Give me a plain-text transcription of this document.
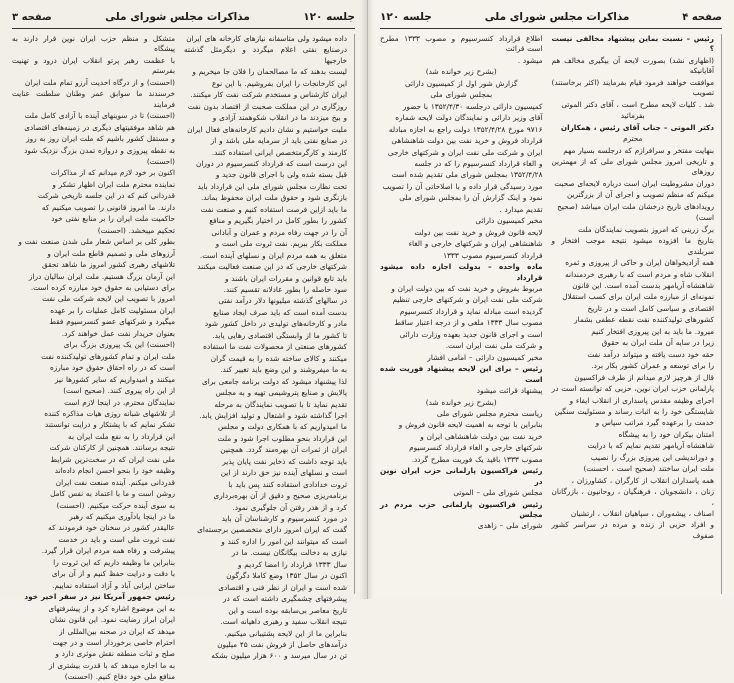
جلسه ۱۲۰
مذاکرات مجلس شورای ملی
صفحه ۳

داده میشود ولی متاسفانه نیازهای کارخانه های ایران

درصنایع نفتی اعلام میگردد و دیگرمثل گذشته خارجیها

لیست بدهند که ما مصالحمان را فلان جا میخریم و

این کارخانجات را ایران بفروشیم. با این نوع

ایران کارشناس و مستخدم شرکت نفت کار میکنند.

روزگاری در این مملکت صحبت از اقتصاد بدون نفت

و بیخ میزدند ما در انقلاب شکوهمند آزادی و

ملیت خواستیم و نشان دادیم کارخانه‌های فعال ایران

در صنایع نفتی باید از سرمایه ملی باشد و از

کارمند و کارگرمتخصص ایرانی استفاده کنند.

این درست است که قرارداد کنسرسیوم در دوران

قبل بسته شده ولی با اجرای قانون جدید و

تحت نظارت مجلس شورای ملی این قرارداد باید

بازنگری شود و حقوق ملت ایران محفوظ بماند.

ما باید ازاین فرصت استفاده کنیم و صنعت نفت

کشور را بطور کامل در اختیار بگیریم و منافع

آن را در جهت رفاه مردم و عمران و آبادانی

مملکت بکار ببریم. نفت ثروت ملی است و

متعلق به همه مردم ایران و نسلهای آینده است.

شرکتهای خارجی که در این صنعت فعالیت میکنند

باید تابع قوانین و مقررات ایران باشند و

سود حاصله را بطور عادلانه تقسیم کنند.

در سالهای گذشته میلیونها دلار درآمد نفتی

بدست آمده است که باید صرف ایجاد صنایع

مادر و کارخانه‌های تولیدی در داخل کشور شود

تا کشور ما از وابستگی اقتصادی رهایی یابد.

کشورهای صنعتی از محصولات نفت ما استفاده

میکنند و کالای ساخته شده را به قیمت گران

به ما میفروشند و این وضع باید تغییر کند.

لذا پیشنهاد میشود که دولت برنامه جامعی برای

پالایش و صنایع پتروشیمی تهیه و به مجلس

تقدیم نماید تا با تصویب نمایندگان به مرحله

اجرا گذاشته شود و اشتغال و تولید افزایش یابد.

ما امیدواریم که با همکاری دولت و مجلس

این قرارداد بنحو مطلوب اجرا شود و ملت

ایران از ثمرات آن بهره‌مند گردد. همچنین

باید توجه داشت که ذخایر نفت پایان پذیر

است و نسلهای آینده نیز حق دارند از این

ثروت خدادادی استفاده کنند پس باید با

برنامه‌ریزی صحیح و دقیق از آن بهره‌برداری

کرد و از هدر رفتن آن جلوگیری نمود.

در مورد کنسرسیوم و کارشناسان آن باید

گفت که ایران امروز دارای متخصصین برجسته‌ای

است که میتوانند این امور را اداره کنند و

نیازی به دخالت بیگانگان نیست. ما در

سال ۱۳۳۳ قرارداد را امضا کردیم و

اکنون در سال ۱۳۵۲ وضع کاملا دگرگون

شده است و ایران از نظر فنی و اقتصادی

پیشرفتهای چشمگیری داشته است که در

تاریخ معاصر بی‌سابقه بوده است و این

نتیجه انقلاب سفید و رهبری داهیانه است.

بنابراین ما از این لایحه پشتیبانی میکنیم.

درآمدهای حاصل از فروش نفت ۴۵ میلیون

تن در سال میرسد و ۶۰۰ هزار میلیون بشکه

متشکل و منظم حزب ایران نوین قرار دارند به پیشگاه

با عظمت رهبر پرتو انقلاب ایران درود و تهنیت بفرستم

(احسنت) و از درگاه احدیت آرزو تمام ملت ایران

خرسندند ما سوابق عمر وطنان سلطنت عنایت فرمایند

(احسنت) تا در سوینهای آینده با آزادی کامل ملت

هم شاهد موفقیتهای دیگری در زمینه‌های اقتصادی

و مستقل کشور باشیم که ملت ایران روز به روز

به نقطه پیروزی و دروازه تمدن بزرگ نزدیک شود

(احسنت)

اکنون بر خود لازم میدانم که از مذاکرات

نماینده محترم ملت ایران اظهار تشکر و

قدردانی کنم که در این جلسه تاریخی شرکت

دارند. ما امروز قانونی را تصویب میکنیم که

حاکمیت ملت ایران را بر منابع نفتی خود

تحکیم میبخشد. (احسنت)

بطور کلی بر اساس شعار ملی شدن صنعت نفت و

آرزوهای ملی و تصمیم قاطع ملت ایران و

تلاشهای رهبری کشور امروز ما شاهد تحقق

این آرمان بزرگ هستیم. ملت ایران سالیان دراز

برای دستیابی به حقوق خود مبارزه کرده است.

امروز با تصویب این لایحه شرکت ملی نفت

ایران مسئولیت کامل عملیات را بر عهده

میگیرد و شرکتهای عضو کنسرسیوم فقط

بعنوان خریدار نفت عمل خواهند کرد.

(احسنت) این یک پیروزی بزرگ برای

ملت ایران و تمام کشورهای تولیدکننده نفت

است که در راه احقاق حقوق خود مبارزه

میکنند و امیدواریم که سایر کشورها نیز

از این راه پیروی کنند. (صحیح است)

نمایندگان محترم، در اینجا لازم است

از تلاشهای شبانه روزی هیات مذاکره کننده

تشکر نمایم که با پشتکار و درایت توانستند

این قرارداد را به نفع ملت ایران به

نتیجه برسانند. همچنین از کارکنان شرکت

ملی نفت ایران که در سخت‌ترین شرایط

وظیفه خود را بنحو احسن انجام داده‌اند

قدردانی میکنم. آینده صنعت نفت ایران

روشن است و ما با اعتماد به نفس کامل

به سوی آینده حرکت میکنیم. (احسنت)

ما در اینجا یادآوری میکنیم که رهبر

عالیقدر کشور در سخنان خود فرمودند که

نفت ثروت ملی است و باید در خدمت

پیشرفت و رفاه همه مردم ایران قرار گیرد.

بنابراین ما وظیفه داریم که این ثروت را

با دقت و درایت حفظ کنیم و از آن برای

ساختن ایرانی آباد و آزاد استفاده نماییم.

رئیس جمهور آمریکا نیز در سفر اخیر خود

به این موضوع اشاره کرد و از پیشرفتهای

ایران ابراز رضایت نمود. این قانون نشان

میدهد که ایران در صحنه بین‌المللی از

احترام خاصی برخوردار است و در جهت

صلح و ثبات منطقه نقش موثری دارد و

به ما اجازه میدهد که با قدرت بیشتری از

منافع ملی خود دفاع کنیم. (احسنت)

صفحه ۴
مذاکرات مجلس شورای ملی
جلسه ۱۲۰

رئیس – نسبت بماین پیشنهاد مخالفی نیست ؟

(اظهاری نشد) بصورت لایحه آن بیگیری مخالف هم آقایانیکه

موافقت خواهند فرمود قیام بفرمایند (اکثر برخاستند) تصویب

شد . کلیات لایحه مطرح است ، آقای دکتر الموتی

بفرمائید

دکتر الموتی – جناب آقای رئیس ، همکاران

محترم

بنهایت مفتخر و سرافرازم که درجلسه بسیار مهم

و تاریخی امروز مجلس شورای ملی که از مهمترین روزهای

دوران مشروطیت ایران است درباره لایحه‌ای صحبت

میکنم که منظم تصویب و اجرای آن از بزرگترین

رویدادهای تاریخ درخشان ملت ایران میباشد (صحیح

است)

برگ زرینی که امروز بتصویب نمایندگان ملت

بتاریخ ما افزوده میشود نتیجه موجب افتخار و سربلندی

همه آزادیخواهان ایران و حاکی از پیروزی و ثمره

انقلاب شاه و مردم است که با رهبری خردمندانه

شاهنشاه آریامهر بدست آمده است. این قانون

نمونه‌ای از مبارزه ملت ایران برای کسب استقلال

اقتصادی و سیاسی کامل است و در تاریخ

کشورهای تولیدکننده نفت نقطه عطفی بشمار

میرود. ما باید به این پیروزی افتخار کنیم

زیرا در سایه آن ملت ایران به حقوق

حقه خود دست یافته و میتواند درآمد نفت

را برای توسعه و عمران کشور بکار برد.

قال از هرچیز لازم میدانم از طرف فراکسیون

پارلمانی حزب ایران نوین، حزبی که توانسته است در

اجرای وظیفه مقدس پاسداری از انقلاب ایفاء و

شایستگی خود را به اثبات رساند و مسئولیت سنگین

خدمت را برعهده گیرد مراتب سپاس و

امتنان بیکران خود را به پیشگاه

شاهنشاه آریامهر تقدیم نمایم که با درایت

و دوراندیشی این پیروزی بزرگ را نصیب

ملت ایران ساختند (صحیح است ، احسنت)

همه پاسداران انقلاب از کارگران ، کشاورزان ،

زنان ، دانشجویان ، فرهنگیان ، روحانیون ، بازرگانان ،

اصناف ، پیشه‌وران ، سپاهیان انقلاب ، ارتشیان

و افراد حزبی از زنده و مرده در سراسر کشور صفوف

اطلاع قرارداد کنسرسیوم و مصوب ۱۳۳۳ مطرح است قرائت

میشود .

(بشرح زیر خوانده شد)

گزارش شور اول از کمیسیون دارائی

بمجلس شورای ملی

کمیسیون دارائی درجلسه ۱۳۵۲/۴/۳۰ با حضور

آقای وزیر دارائی و نمایندگان دولت لایحه شماره

۹۷۱۶ مورخ ۱۳۵۲/۴/۲۸ دولت راجع به اجازه مبادله

قرارداد فروش و خرید نفت بین دولت شاهنشاهی

ایران و شرکت ملی نفت ایران و شرکتهای خارجی

و الغاء قرارداد کنسرسیوم را که در جلسه

۱۳۵۲/۴/۲۸ بمجلس شورای ملی تقدیم شده است

مورد رسیدگی قرار داده و با اصلاحاتی آن را تصویب

نمود و اینک گزارش آن را بمجلس شورای ملی

تقدیم میدارد .

مخبر کمیسیون دارائی

لایحه قانون فروش و خرید نفت بین دولت

شاهنشاهی ایران و شرکتهای خارجی و الغاء

قرارداد کنسرسیوم مصوب ۱۳۳۳

ماده واحده – بدولت اجازه داده میشود قرارداد

مربوط بفروش و خرید نفت که بین دولت ایران و

شرکت ملی نفت ایران و شرکتهای خارجی تنظیم

گردیده است مبادله نماید و قرارداد کنسرسیوم

مصوب سال ۱۳۳۳ ملغی و از درجه اعتبار ساقط

است و اجرای قانون جدید بعهده وزارت دارائی

و شرکت ملی نفت ایران است.

مخبر کمیسیون دارائی – امامی افشار

رئیس – برای این لایحه پیشنهاد فوریت شده است

پیشنهاد قرائت میشود

(بشرح زیر خوانده شد)

ریاست محترم مجلس شورای ملی

بنابراین با توجه به اهمیت لایحه قانون فروش و

خرید نفت بین دولت شاهنشاهی ایران و

شرکتهای خارجی و الغاء قرارداد کنسرسیوم

مصوب ۱۳۳۳ باقید یک فوریت مطرح گردد.

رئیس فراکسیون پارلمانی حزب ایران نوین در

مجلس شورای ملی – الموتی

رئیس فراکسیون پارلمانی حزب مردم در مجلس

شورای ملی – زاهدی
